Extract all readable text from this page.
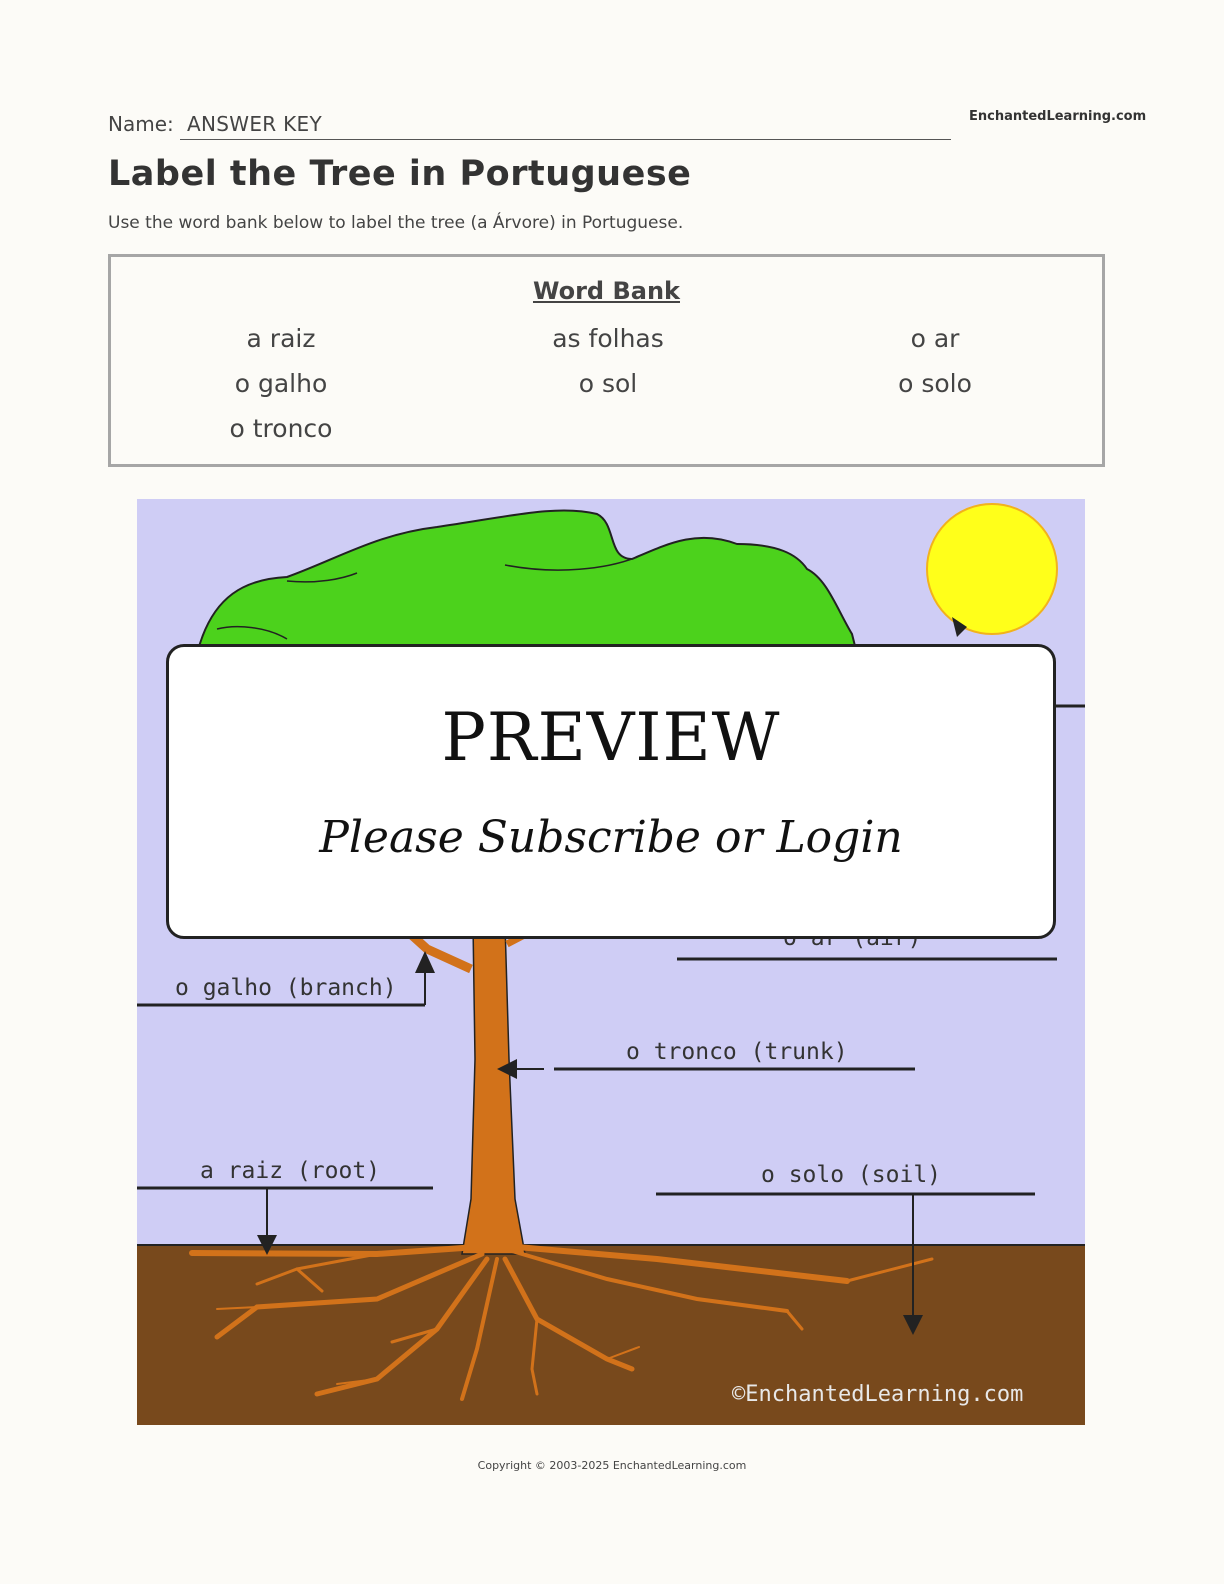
Name: ANSWER KEY	EnchantedLearning.com
Label the Tree in Portuguese
Use the word bank below to label the tree (a Árvore) in Portuguese.
Word Bank
a raiz	as folhas	o ar
o galho	o sol	o solo
o tronco
o galho (branch)
o tronco (trunk)
a raiz (root)	o solo (soil)
©EnchantedLearning.com
PREVIEW
Please Subscribe or Login
Copyright © 2003-2025 EnchantedLearning.com
